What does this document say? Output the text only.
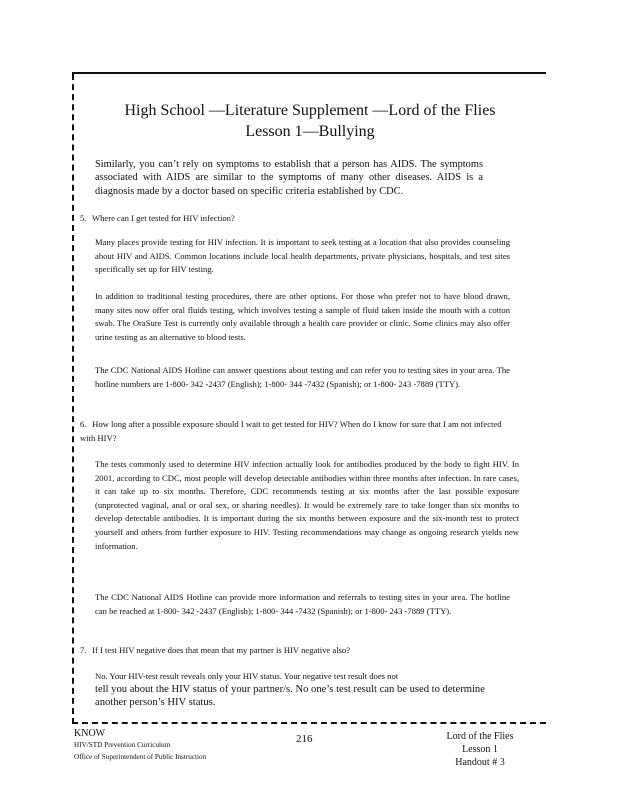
High School —Literature Supplement —Lord of the Flies
Lesson 1—Bullying

Similarly, you can’t rely on symptoms to establish that a person has AIDS. The symptoms associated with AIDS are similar to the symptoms of many other diseases. AIDS is a diagnosis made by a doctor based on specific criteria established by CDC.

5. Where can I get tested for HIV infection?

Many places provide testing for HIV infection. It is important to seek testing at a location that also provides counseling about HIV and AIDS. Common locations include local health departments, private physicians, hospitals, and test sites specifically set up for HIV testing.

In addition to traditional testing procedures, there are other options. For those who prefer not to have blood drawn, many sites now offer oral fluids testing, which involves testing a sample of fluid taken inside the mouth with a cotton swab. The OraSure Test is currently only available through a health care provider or clinic. Some clinics may also offer urine testing as an alternative to blood tests.

The CDC National AIDS Hotline can answer questions about testing and can refer you to testing sites in your area. The hotline numbers are 1-800- 342 -2437 (English); 1-800- 344 -7432 (Spanish); or 1-800- 243 -7889 (TTY).

6. How long after a possible exposure should I wait to get tested for HIV? When do I know for sure that I am not infected with HIV?

The tests commonly used to determine HIV infection actually look for antibodies produced by the body to fight HIV. In 2001, according to CDC, most people will develop detectable antibodies within three months after infection. In rare cases, it can take up to six months. Therefore, CDC recommends testing at six months after the last possible exposure (unprotected vaginal, anal or oral sex, or sharing needles). It would be extremely rare to take longer than six months to develop detectable antibodies. It is important during the six months between exposure and the six-month test to protect yourself and others from further exposure to HIV. Testing recommendations may change as ongoing research yields new information.

The CDC National AIDS Hotline can provide more information and referrals to testing sites in your area. The hotline can be reached at 1-800- 342 -2437 (English); 1-800- 344 -7432 (Spanish); or 1-800- 243 -7889 (TTY).

7. If I test HIV negative does that mean that my partner is HIV negative also?

No. Your HIV-test result reveals only your HIV status. Your negative test result does not

tell you about the HIV status of your partner/s. No one’s test result can be used to determine another person’s HIV status.

KNOW
HIV/STD Prevention Curriculum
Office of Superintendent of Public Instruction
216	Lord of the Flies
Lesson 1
Handout # 3
